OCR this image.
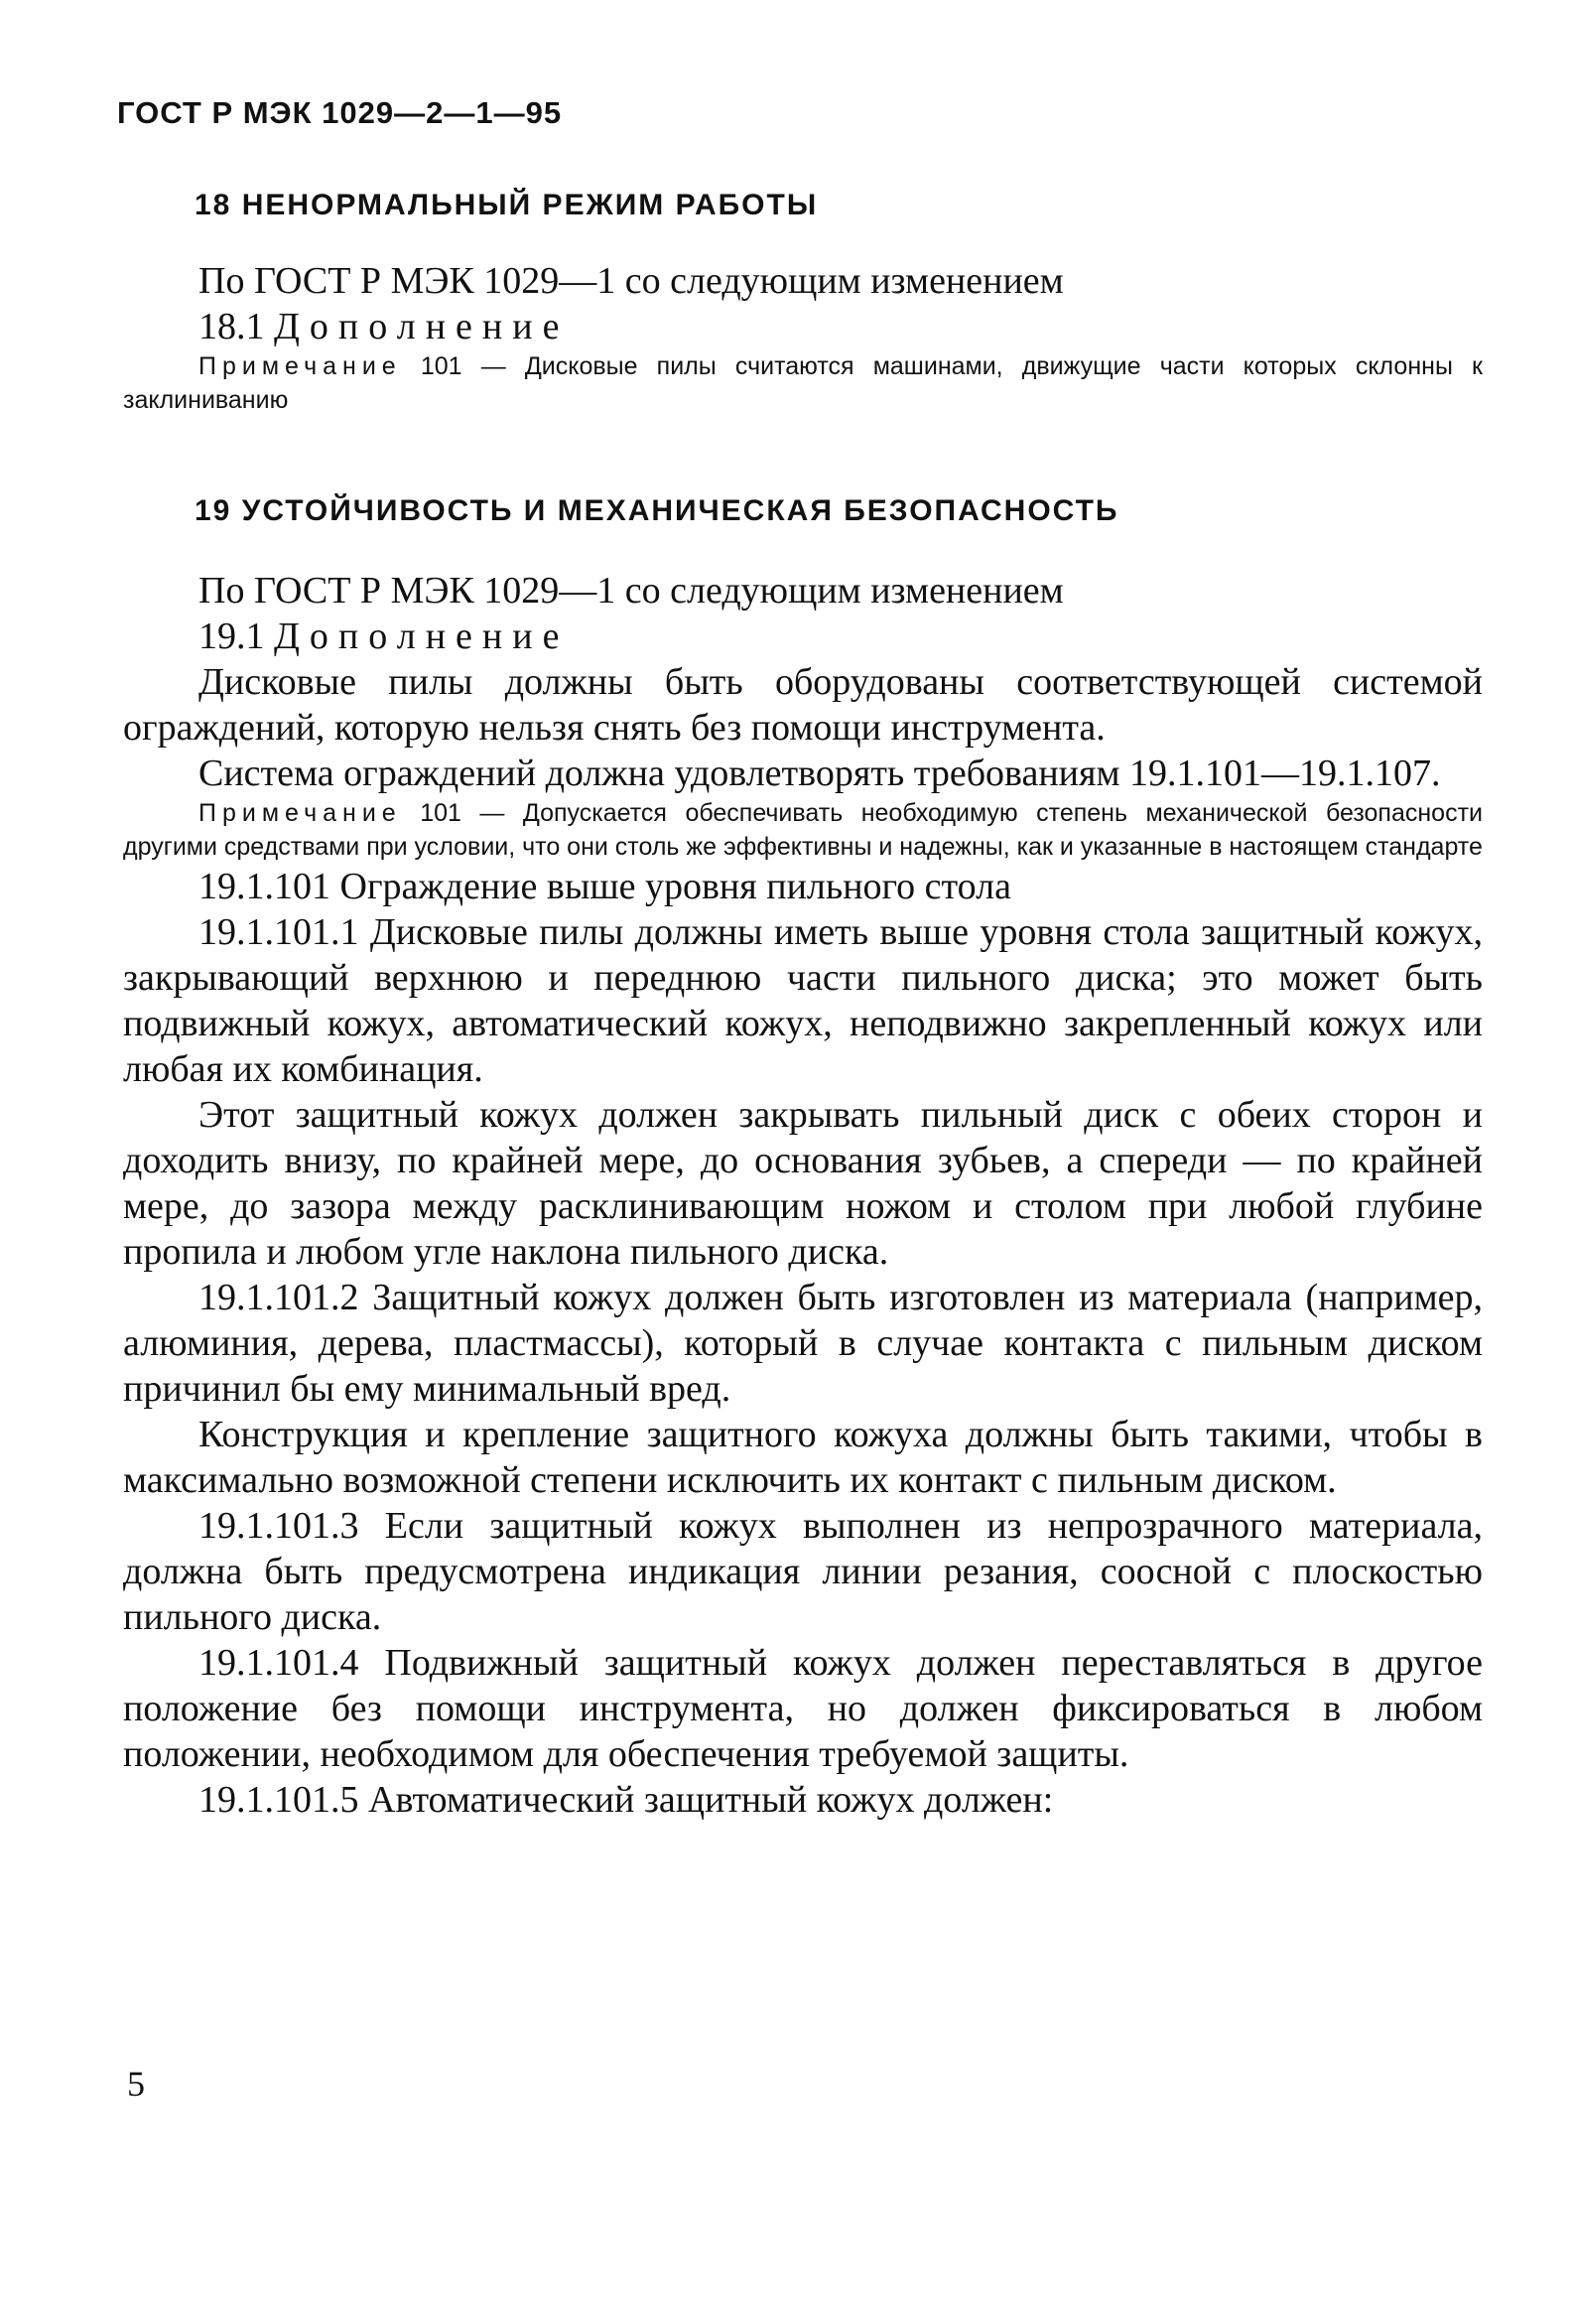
ГОСТ Р МЭК 1029—2—1—95
18 НЕНОРМАЛЬНЫЙ РЕЖИМ РАБОТЫ

По ГОСТ Р МЭК 1029—1 со следующим изменением

18.1 Дополнение

Примечание 101 — Дисковые пилы считаются машинами, движущие части которых склонны к заклиниванию

19 УСТОЙЧИВОСТЬ И МЕХАНИЧЕСКАЯ БЕЗОПАСНОСТЬ

По ГОСТ Р МЭК 1029—1 со следующим изменением

19.1 Дополнение

Дисковые пилы должны быть оборудованы соответствующей системой ограждений, которую нельзя снять без помощи инструмента.

Система ограждений должна удовлетворять требованиям 19.1.101—19.1.107.

Примечание 101 — Допускается обеспечивать необходимую степень механической безопасности другими средствами при условии, что они столь же эффективны и надежны, как и указанные в настоящем стандарте

19.1.101 Ограждение выше уровня пильного стола

19.1.101.1 Дисковые пилы должны иметь выше уровня стола защитный кожух, закрывающий верхнюю и переднюю части пильного диска; это может быть подвижный кожух, автоматический кожух, неподвижно закрепленный кожух или любая их комбинация.

Этот защитный кожух должен закрывать пильный диск с обеих сторон и доходить внизу, по крайней мере, до основания зубьев, а спереди — по крайней мере, до зазора между расклинивающим ножом и столом при любой глубине пропила и любом угле наклона пильного диска.

19.1.101.2 Защитный кожух должен быть изготовлен из материала (например, алюминия, дерева, пластмассы), который в случае контакта с пильным диском причинил бы ему минимальный вред.

Конструкция и крепление защитного кожуха должны быть такими, чтобы в максимально возможной степени исключить их контакт с пильным диском.

19.1.101.3 Если защитный кожух выполнен из непрозрачного материала, должна быть предусмотрена индикация линии резания, соосной с плоскостью пильного диска.

19.1.101.4 Подвижный защитный кожух должен переставляться в другое положение без помощи инструмента, но должен фиксироваться в любом положении, необходимом для обеспечения требуемой защиты.

19.1.101.5 Автоматический защитный кожух должен:

5
